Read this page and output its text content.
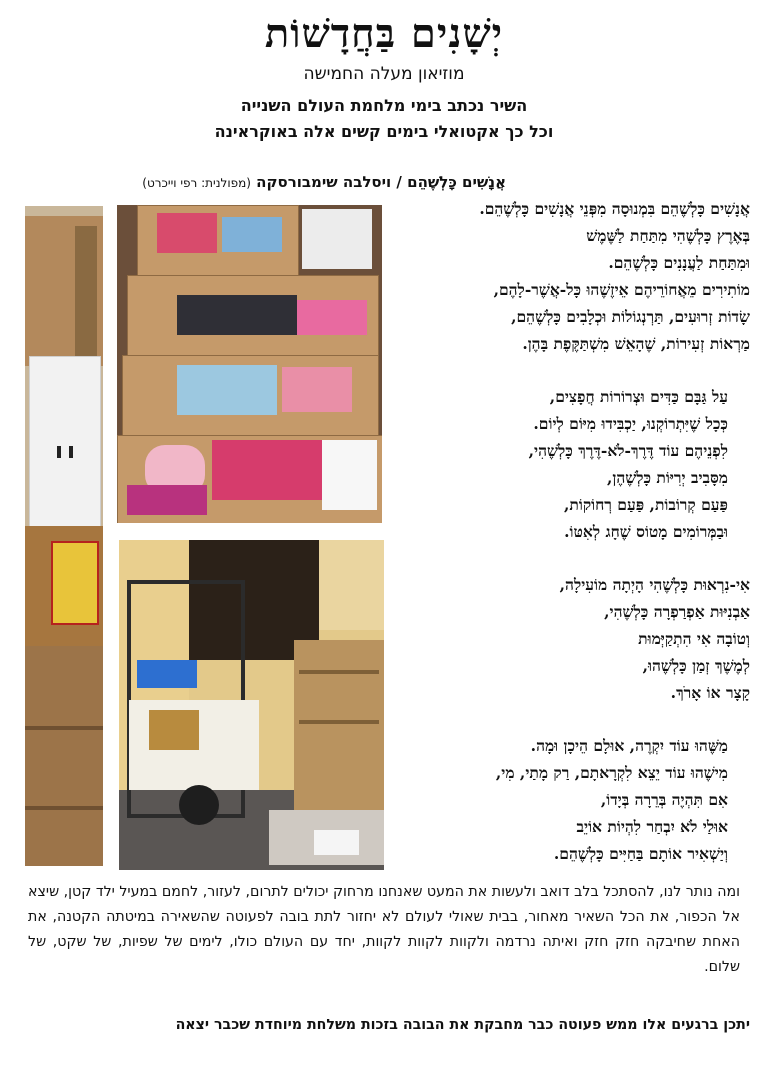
יְשָׁנִים בַּחֲדָשׁוֹת
מוזיאון מעלה החמישה
השיר נכתב בימי מלחמת העולם השנייה
וכל כך אקטואלי בימים קשים אלה באוקראינה
אֲנָשִׁים כָּלְשֶׁהֵם / ויסלבה שימבורסקה (מפולנית: רפי וייכרט)
אֲנָשִׁים כָּלְשֶׁהֵם בִּמְנוּסָה מִפְּנֵי אֲנָשִׁים כָּלְשֶׁהֵם.
בְּאֶרֶץ כָּלְשֶׁהִי מִתַּחַת לַשֶּׁמֶשׁ
וּמִתַּחַת לַעֲנָנִים כָּלְשֶׁהֵם.
מוֹתִירִים מֵאֲחוֹרֵיהֶם אֵיזֶשֶׁהוּ כָּל-אֲשֶׁר-לָהֶם,
שָׂדוֹת זְרוּעִים, תַּרְנְגוֹלוֹת וּכְלָבִים כָּלְשֶׁהֵם,
מַרְאוֹת זְעִירוֹת, שֶׁהָאֵשׁ מִשְׁתַּקֶּפֶת בָּהֶן.
עַל גַּבָּם כַּדִּים וּצְרוֹרוֹת חֲפָצִים,
כְּכָל שֶׁיִּתְרוֹקְנוּ, יַכְבִּידוּ מִיּוֹם לְיוֹם.
לִפְנֵיהֶם עוֹד דֶּרֶךְ-לֹא-דֶּרֶךְ כָּלְשֶׁהִי,
מִסָּבִיב יְרִיּוֹת כָּלְשֶׁהֶן,
פַּעַם קְרוֹבוֹת, פַּעַם רְחוֹקוֹת,
וּבַמְּרוֹמִים מָטוֹס שֶׁחָג לְאִטּוֹ.
אִי-נִרְאוּת כָּלְשֶׁהִי הָיְתָה מוֹעִילָה,
אַבְנִיּוּת אַפְרַפְרָה כָּלְשֶׁהִי,
וְטוֹבָה אִי הִתְקַיְּמוּת
לְמֶשֶׁךְ זְמַן כָּלְשֶׁהוּ,
קָצָר אוֹ אָרֹךְ.
מַשֶּׁהוּ עוֹד יִקְרֶה, אוּלָם הֵיכָן וּמָה.
מִישֶׁהוּ עוֹד יֵצֵא לִקְרָאתָם, רַק מָתַי, מִי,
אִם תִּהְיֶה בְּרֵרָה בְּיָדוֹ,
אוּלַי לֹא יִבְחַר לִהְיוֹת אוֹיֵב
וְיַשְׁאִיר אוֹתָם בַּחַיִּים כָּלְשֶׁהֵם.
ומה נותר לנו, להסתכל בלב דואב ולעשות את המעט שאנחנו מרחוק יכולים לתרום, לעזור, לחמם במעיל ילד קטן, שיצא אל הכפור, את הכל השאיר מאחור, בבית שאולי לעולם לא יחזור לתת בובה לפעוטה שהשאירה במיטתה הקטנה, את האחת שחיבקה חזק חזק ואיתה נרדמה ולקוות לקוות לקוות, יחד עם העולם כולו, לימים של שפיות, של שקט, של שלום.
יתכן ברגעים אלו ממש פעוטה כבר מחבקת את הבובה בזכות משלחת מיוחדת שכבר יצאה
